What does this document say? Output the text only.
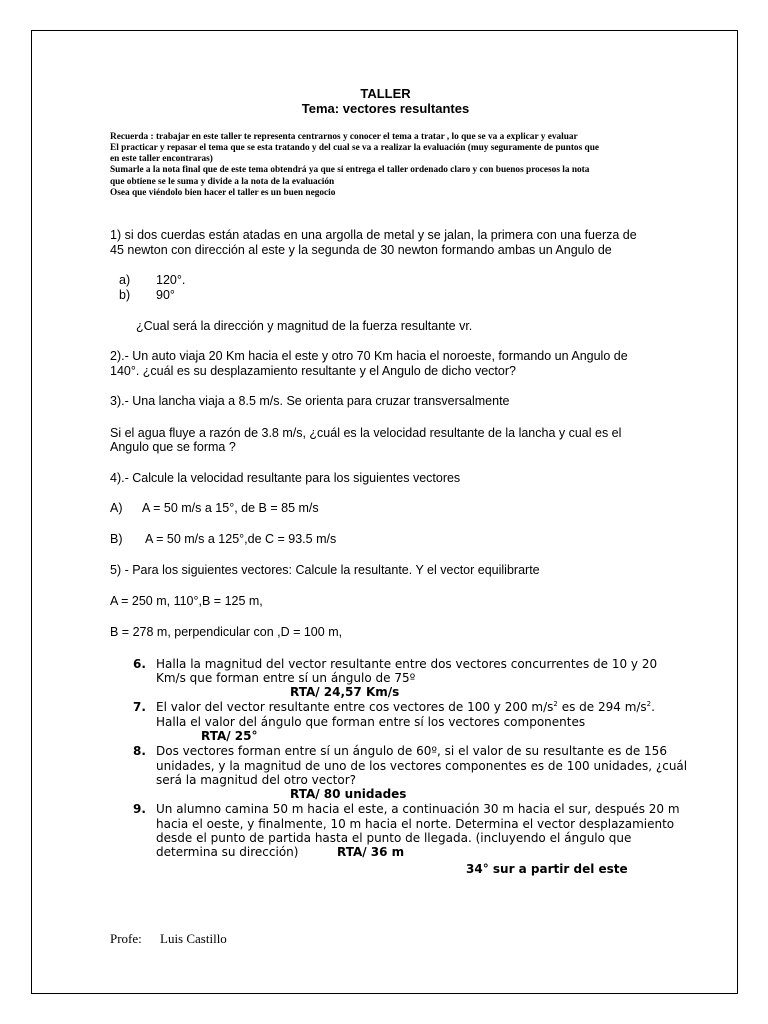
TALLER
Tema: vectores resultantes
Recuerda : trabajar en este taller te representa centrarnos y conocer el tema a tratar , lo que se va a explicar y evaluar
El practicar y repasar el tema que se esta tratando y del cual se va a realizar la evaluación (muy seguramente de puntos que
en este taller encontraras)
Sumarle a la nota final que de este tema obtendrá ya que si entrega el taller ordenado claro y con buenos procesos la nota
que obtiene se le suma y divide a la nota de la evaluación
Osea que viéndolo bien hacer el taller es un buen negocio
1) si dos cuerdas están atadas en una argolla de metal y se jalan, la primera con una fuerza de
45 newton con dirección al este y la segunda de 30 newton formando ambas un Angulo de
a) 120°.
b) 90°
¿Cual será la dirección y magnitud de la fuerza resultante vr.
2).- Un auto viaja 20 Km hacia el este y otro 70 Km hacia el noroeste, formando un Angulo de
140°. ¿cuál es su desplazamiento resultante y el Angulo de dicho vector?
3).- Una lancha viaja a 8.5 m/s. Se orienta para cruzar transversalmente
Si el agua fluye a razón de 3.8 m/s, ¿cuál es la velocidad resultante de la lancha y cual es el
Angulo que se forma ?
4).- Calcule la velocidad resultante para los siguientes vectores
A) A = 50 m/s a 15°, de B = 85 m/s
B) A = 50 m/s a 125°,de C = 93.5 m/s
5) - Para los siguientes vectores: Calcule la resultante. Y el vector equilibrarte
A = 250 m, 110°,B = 125 m,
B = 278 m, perpendicular con ,D = 100 m,
6. Halla la magnitud del vector resultante entre dos vectores concurrentes de 10 y 20
Km/s que forman entre sí un ángulo de 75º
RTA/ 24,57 Km/s
7. El valor del vector resultante entre cos vectores de 100 y 200 $m/s^2$ es de 294 $m/s^2$.
Halla el valor del ángulo que forman entre sí los vectores componentes
RTA/ 25°
8. Dos vectores forman entre sí un ángulo de 60º, si el valor de su resultante es de 156
unidades, y la magnitud de uno de los vectores componentes es de 100 unidades, ¿cuál
será la magnitud del otro vector?
RTA/ 80 unidades
9. Un alumno camina 50 m hacia el este, a continuación 30 m hacia el sur, después 20 m
hacia el oeste, y finalmente, 10 m hacia el norte. Determina el vector desplazamiento
desde el punto de partida hasta el punto de llegada. (incluyendo el ángulo que
determina su dirección)	RTA/ 36 m
34° sur a partir del este
Profe: Luis Castillo
